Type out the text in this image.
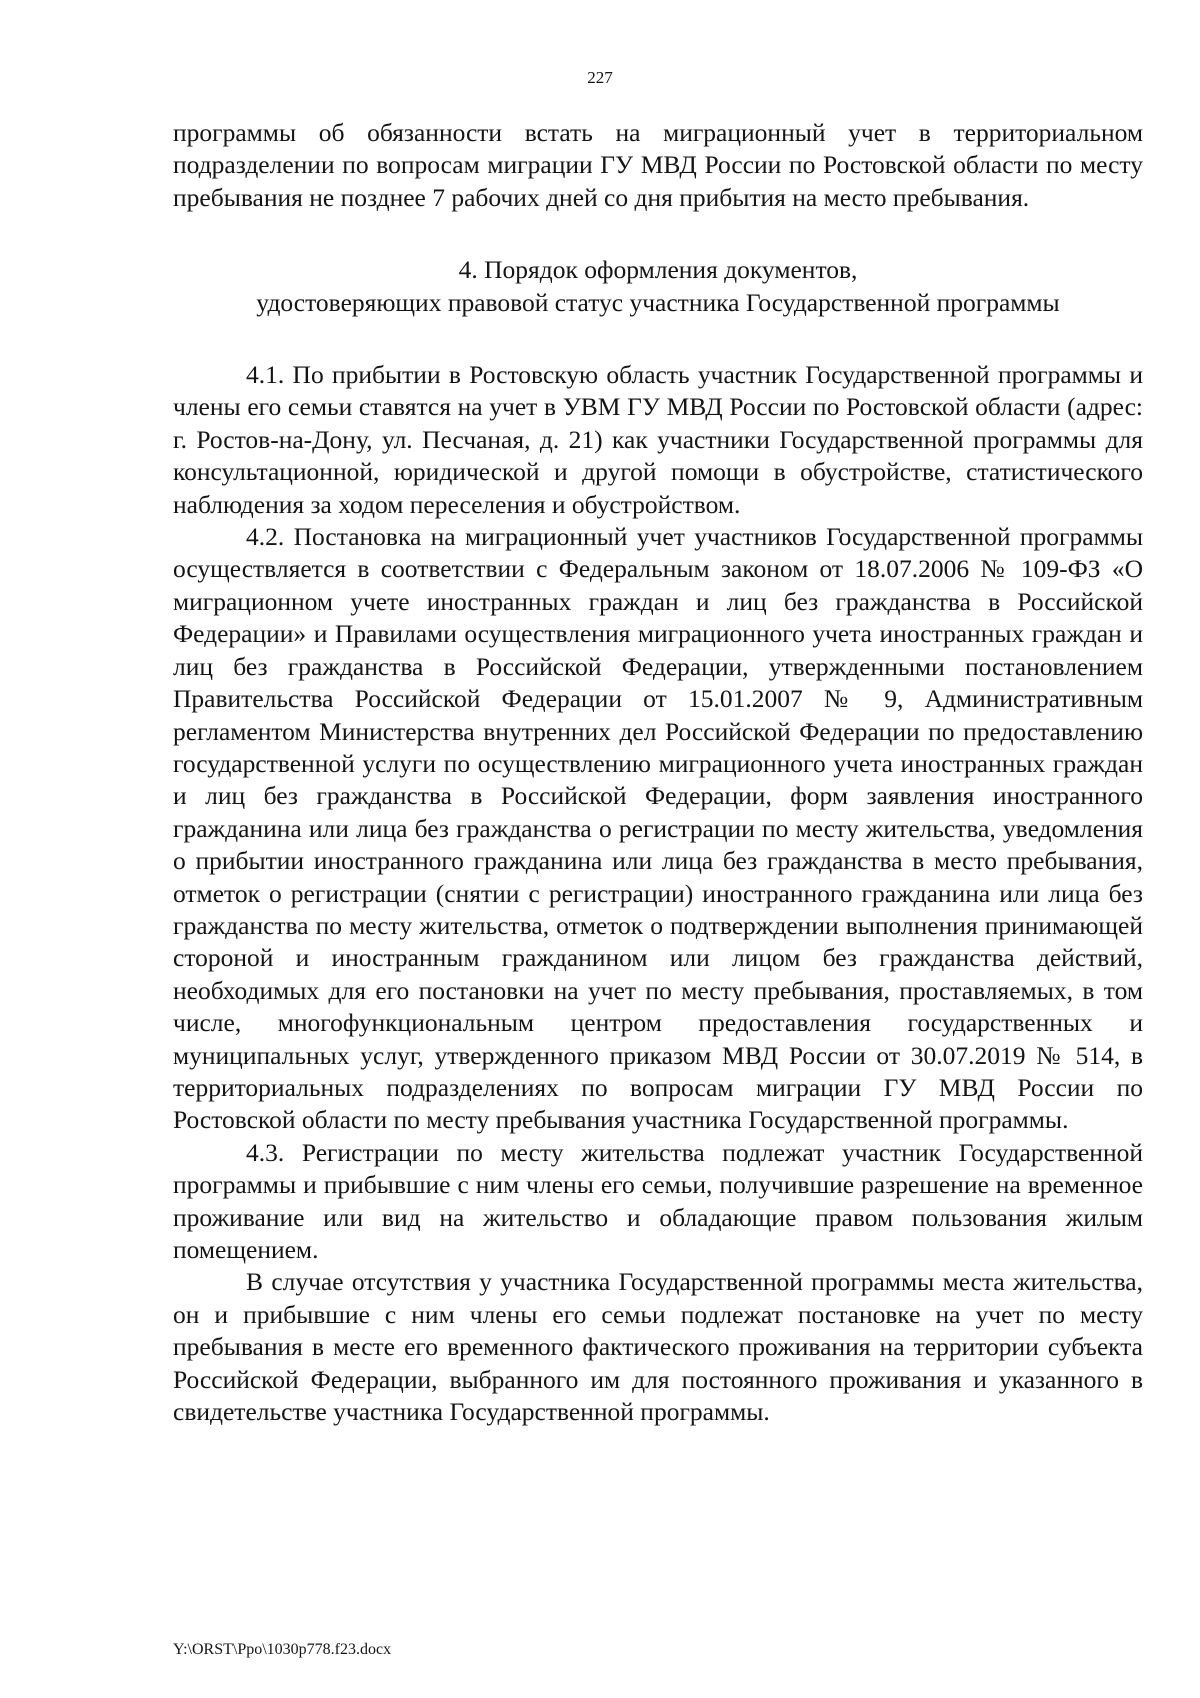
227

программы об обязанности встать на миграционный учет в территориальном подразделении по вопросам миграции ГУ МВД России по Ростовской области по месту пребывания не позднее 7 рабочих дней со дня прибытия на место пребывания.

4. Порядок оформления документов,
удостоверяющих правовой статус участника Государственной программы

4.1. По прибытии в Ростовскую область участник Государственной программы и члены его семьи ставятся на учет в УВМ ГУ МВД России по Ростовской области (адрес: г. Ростов-на-Дону, ул. Песчаная, д. 21) как участники Государственной программы для консультационной, юридической и другой помощи в обустройстве, статистического наблюдения за ходом переселения и обустройством.

4.2. Постановка на миграционный учет участников Государственной программы осуществляется в соответствии с Федеральным законом от 18.07.2006 № 109-ФЗ «О миграционном учете иностранных граждан и лиц без гражданства в Российской Федерации» и Правилами осуществления миграционного учета иностранных граждан и лиц без гражданства в Российской Федерации, утвержденными постановлением Правительства Российской Федерации от 15.01.2007 № 9, Административным регламентом Министерства внутренних дел Российской Федерации по предоставлению государственной услуги по осуществлению миграционного учета иностранных граждан и лиц без гражданства в Российской Федерации, форм заявления иностранного гражданина или лица без гражданства о регистрации по месту жительства, уведомления о прибытии иностранного гражданина или лица без гражданства в место пребывания, отметок о регистрации (снятии с регистрации) иностранного гражданина или лица без гражданства по месту жительства, отметок о подтверждении выполнения принимающей стороной и иностранным гражданином или лицом без гражданства действий, необходимых для его постановки на учет по месту пребывания, проставляемых, в том числе, многофункциональным центром предоставления государственных и муниципальных услуг, утвержденного приказом МВД России от 30.07.2019 № 514, в территориальных подразделениях по вопросам миграции ГУ МВД России по Ростовской области по месту пребывания участника Государственной программы.

4.3. Регистрации по месту жительства подлежат участник Государственной программы и прибывшие с ним члены его семьи, получившие разрешение на временное проживание или вид на жительство и обладающие правом пользования жилым помещением.

В случае отсутствия у участника Государственной программы места жительства, он и прибывшие с ним члены его семьи подлежат постановке на учет по месту пребывания в месте его временного фактического проживания на территории субъекта Российской Федерации, выбранного им для постоянного проживания и указанного в свидетельстве участника Государственной программы.

Y:\ORST\Ppo\1030p778.f23.docx
